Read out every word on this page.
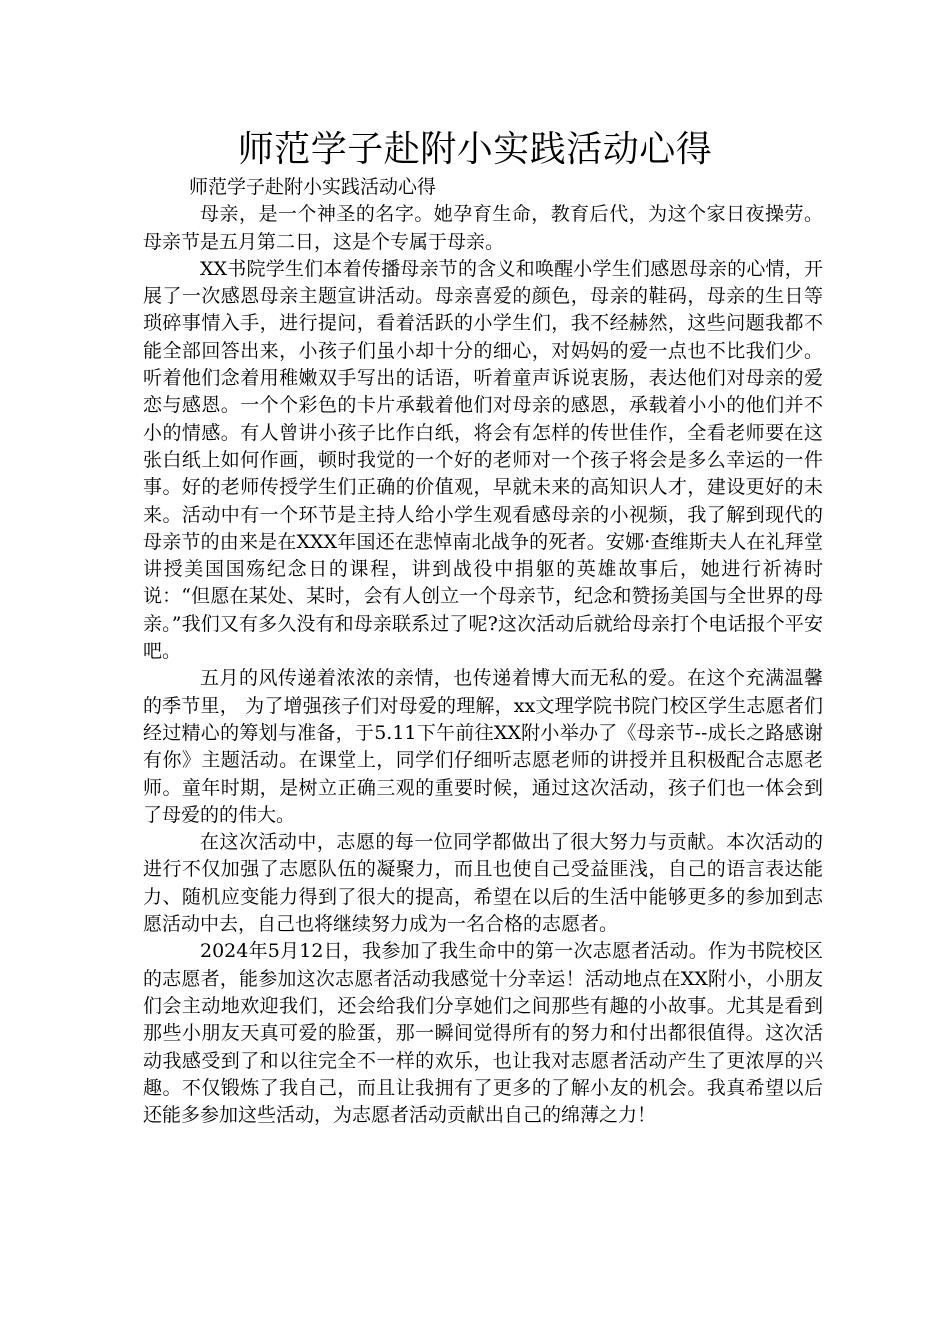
师范学子赴附小实践活动心得

师范学子赴附小实践活动心得

母亲，是一个神圣的名字。她孕育生命，教育后代，为这个家日夜操劳。母亲节是五月第二日，这是个专属于母亲。

XX书院学生们本着传播母亲节的含义和唤醒小学生们感恩母亲的心情，开展了一次感恩母亲主题宣讲活动。母亲喜爱的颜色，母亲的鞋码，母亲的生日等琐碎事情入手，进行提问，看着活跃的小学生们，我不经赫然，这些问题我都不能全部回答出来，小孩子们虽小却十分的细心，对妈妈的爱一点也不比我们少。听着他们念着用稚嫩双手写出的话语，听着童声诉说衷肠，表达他们对母亲的爱恋与感恩。一个个彩色的卡片承载着他们对母亲的感恩，承载着小小的他们并不小的情感。有人曾讲小孩子比作白纸，将会有怎样的传世佳作，全看老师要在这张白纸上如何作画，顿时我觉的一个好的老师对一个孩子将会是多么幸运的一件事。好的老师传授学生们正确的价值观，早就未来的高知识人才，建设更好的未来。活动中有一个环节是主持人给小学生观看感母亲的小视频，我了解到现代的母亲节的由来是在XXX年国还在悲悼南北战争的死者。安娜·查维斯夫人在礼拜堂讲授美国国殇纪念日的课程，讲到战役中捐躯的英雄故事后，她进行祈祷时说：“但愿在某处、某时，会有人创立一个母亲节，纪念和赞扬美国与全世界的母亲。”我们又有多久没有和母亲联系过了呢?这次活动后就给母亲打个电话报个平安吧。

五月的风传递着浓浓的亲情，也传递着博大而无私的爱。在这个充满温馨的季节里， 为了增强孩子们对母爱的理解，xx文理学院书院门校区学生志愿者们经过精心的筹划与准备，于5.11下午前往XX附小举办了《母亲节--成长之路感谢有你》主题活动。在课堂上，同学们仔细听志愿老师的讲授并且积极配合志愿老师。童年时期，是树立正确三观的重要时候，通过这次活动，孩子们也一体会到了母爱的的伟大。

在这次活动中，志愿的每一位同学都做出了很大努力与贡献。本次活动的进行不仅加强了志愿队伍的凝聚力，而且也使自己受益匪浅，自己的语言表达能力、随机应变能力得到了很大的提高，希望在以后的生活中能够更多的参加到志愿活动中去，自己也将继续努力成为一名合格的志愿者。

2024年5月12日，我参加了我生命中的第一次志愿者活动。作为书院校区的志愿者，能参加这次志愿者活动我感觉十分幸运！活动地点在XX附小，小朋友们会主动地欢迎我们，还会给我们分享她们之间那些有趣的小故事。尤其是看到那些小朋友天真可爱的脸蛋，那一瞬间觉得所有的努力和付出都很值得。这次活动我感受到了和以往完全不一样的欢乐，也让我对志愿者活动产生了更浓厚的兴趣。不仅锻炼了我自己，而且让我拥有了更多的了解小友的机会。我真希望以后还能多参加这些活动，为志愿者活动贡献出自己的绵薄之力！
